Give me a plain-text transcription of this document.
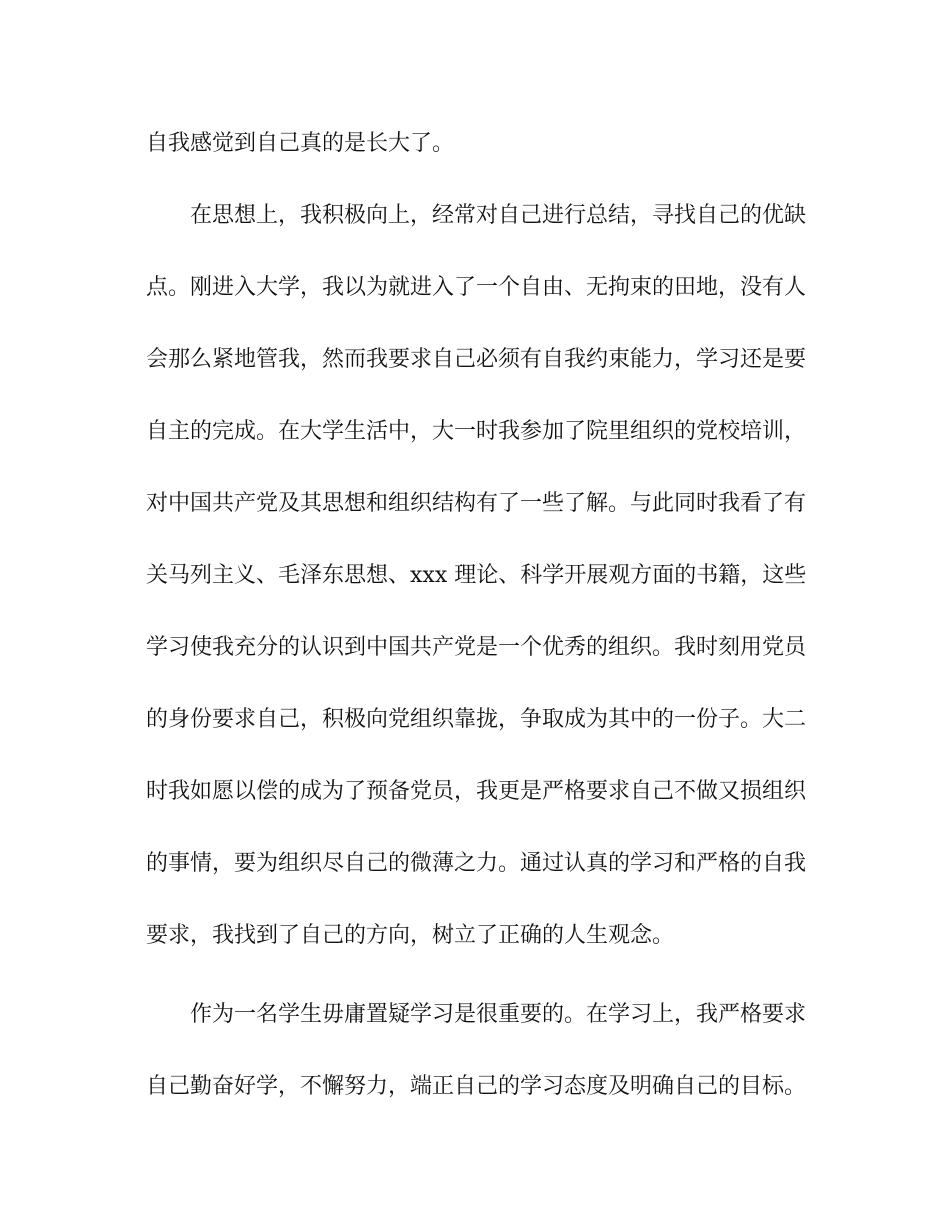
自我感觉到自己真的是长大了。
在思想上，我积极向上，经常对自己进行总结，寻找自己的优缺
点。刚进入大学，我以为就进入了一个自由、无拘束的田地，没有人
会那么紧地管我，然而我要求自己必须有自我约束能力，学习还是要
自主的完成。在大学生活中，大一时我参加了院里组织的党校培训，
对中国共产党及其思想和组织结构有了一些了解。与此同时我看了有
关马列主义、毛泽东思想、xxx 理论、科学开展观方面的书籍，这些
学习使我充分的认识到中国共产党是一个优秀的组织。我时刻用党员
的身份要求自己，积极向党组织靠拢，争取成为其中的一份子。大二
时我如愿以偿的成为了预备党员，我更是严格要求自己不做又损组织
的事情，要为组织尽自己的微薄之力。通过认真的学习和严格的自我
要求，我找到了自己的方向，树立了正确的人生观念。
作为一名学生毋庸置疑学习是很重要的。在学习上，我严格要求
自己勤奋好学，不懈努力，端正自己的学习态度及明确自己的目标。
